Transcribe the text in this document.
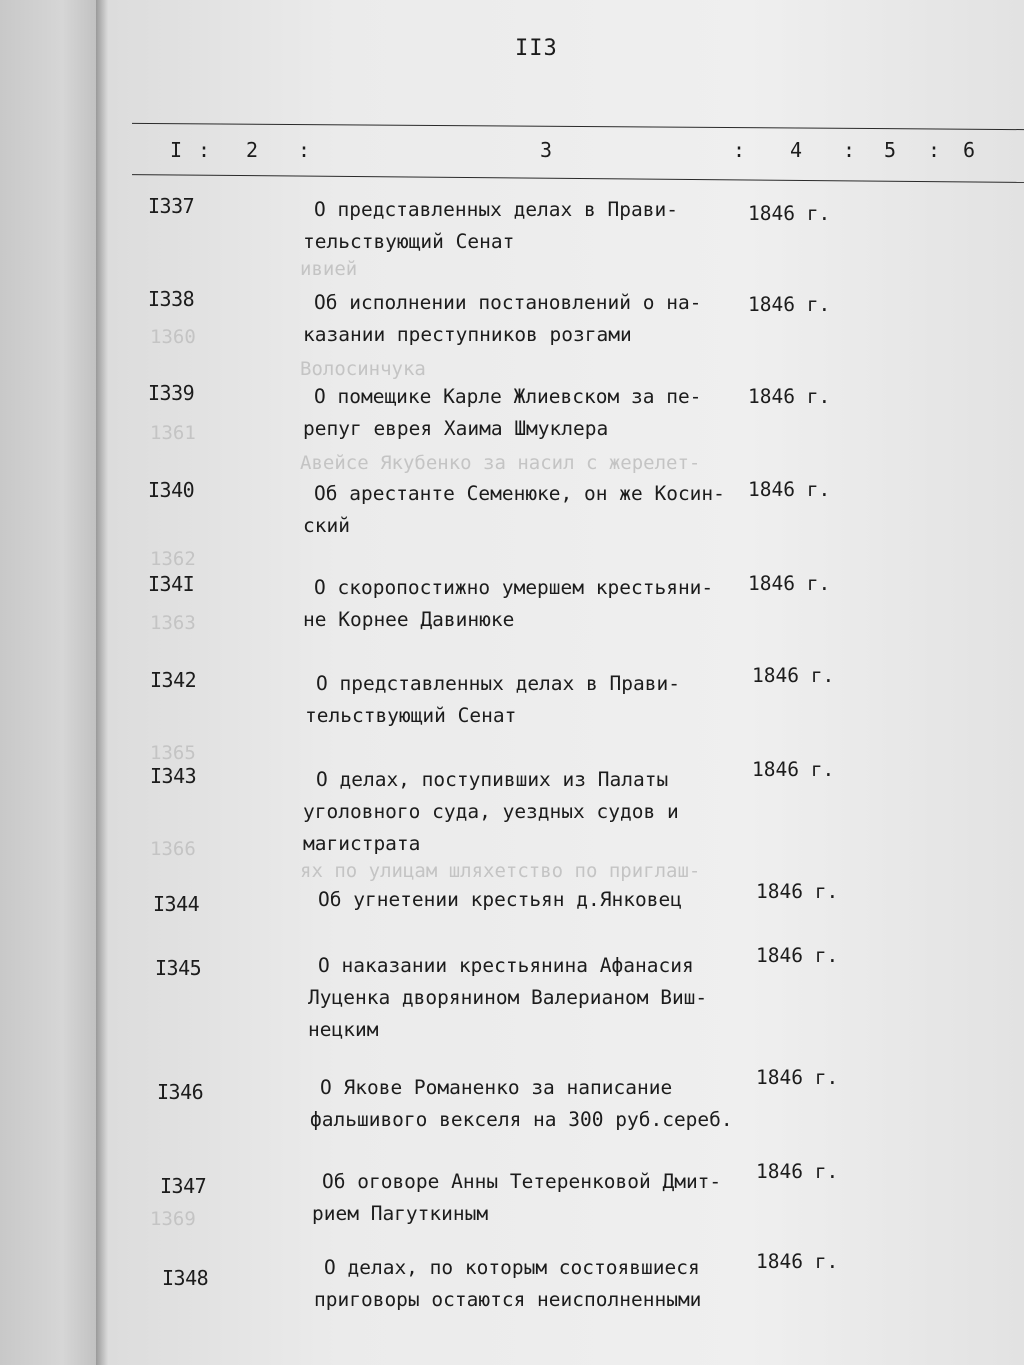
ивией
1360
Волосинчука
1361
Авейсе Якубенко за насил с жерелет-
1362
1363
1365
1366
ях по улицам шляхетство по приглаш-
1369
II3
I : 2 :	3	: 4 : 5 : 6
I337	О представленных делах в Прави-
тельствующий Сенат
1846 г.
I338	Об исполнении постановлений о на-
казании преступников розгами
1846 г.
I339	О помещике Карле Жлиевском за пе-
репуг еврея Хаима Шмуклера
1846 г.
I340	Об арестанте Семенюке, он же Косин-
ский
1846 г.
I34I	О скоропостижно умершем крестьяни-
не Корнее Давинюке
1846 г.
I342	О представленных делах в Прави-
тельствующий Сенат
1846 г.
I343	О делах, поступивших из Палаты
уголовного суда, уездных судов и
магистрата
1846 г.
I344	Об угнетении крестьян д.Янковец	1846 г.
I345	О наказании крестьянина Афанасия
Луценка дворянином Валерианом Виш-
нецким
1846 г.
I346	О Якове Романенко за написание
фальшивого векселя на 300 руб.сереб.
1846 г.
I347	Об оговоре Анны Тетеренковой Дмит-
рием Пагуткиным
1846 г.
I348	О делах, по которым состоявшиеся
приговоры остаются неисполненными
1846 г.
